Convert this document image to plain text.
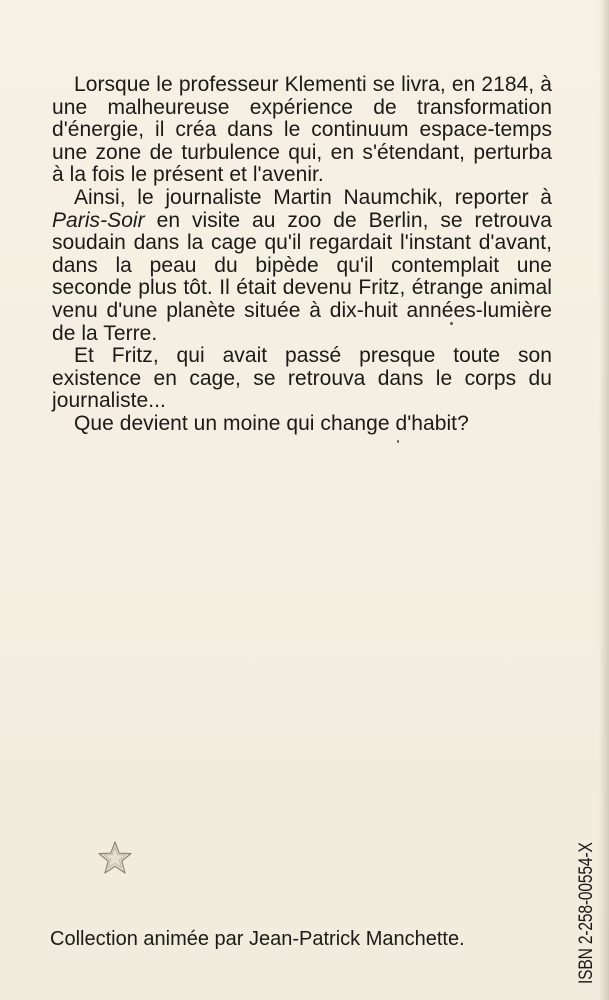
Lorsque le professeur Klementi se livra, en 2184, à une malheureuse expérience de transformation d'énergie, il créa dans le continuum espace-temps une zone de turbulence qui, en s'étendant, perturba à la fois le présent et l'avenir.

Ainsi, le journaliste Martin Naumchik, reporter à Paris-Soir en visite au zoo de Berlin, se retrouva soudain dans la cage qu'il regardait l'instant d'avant, dans la peau du bipède qu'il contemplait une seconde plus tôt. Il était devenu Fritz, étrange animal venu d'une planète située à dix-huit années-lumière de la Terre.

Et Fritz, qui avait passé presque toute son existence en cage, se retrouva dans le corps du journaliste...

Que devient un moine qui change d'habit?

Collection animée par Jean-Patrick Manchette.	ISBN 2-258-00554-X
